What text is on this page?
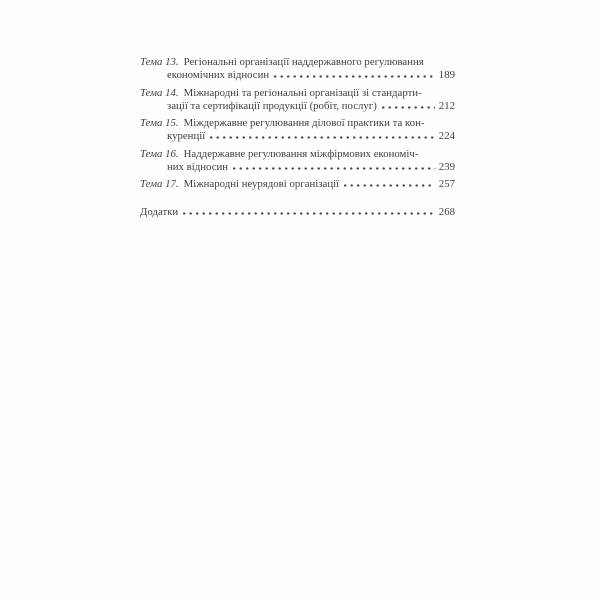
Тема 13. Регіональні організації наддержавного регулювання
економічних відносин	189
Тема 14. Міжнародні та регіональні організації зі стандарти-
зації та сертифікації продукції (робіт, послуг)	212
Тема 15. Міждержавне регулювання ділової практики та кон-
куренції	224
Тема 16. Наддержавне регулювання міжфірмових економіч-
них відносин	239
Тема 17. Міжнародні неурядові організації	257
Додатки	268
